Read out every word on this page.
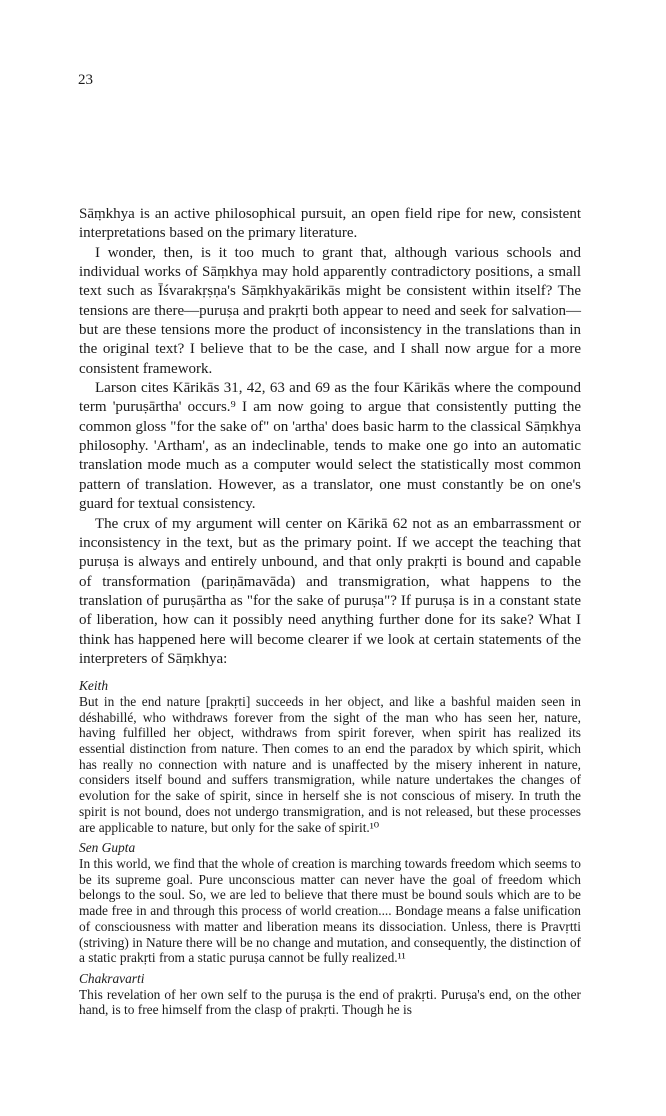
23

Sāṃkhya is an active philosophical pursuit, an open field ripe for new, consistent interpretations based on the primary literature.

I wonder, then, is it too much to grant that, although various schools and individual works of Sāṃkhya may hold apparently contradictory positions, a small text such as Īśvarakṛṣṇa's Sāṃkhyakārikās might be consistent within itself? The tensions are there—puruṣa and prakṛti both appear to need and seek for salvation—but are these tensions more the product of inconsistency in the translations than in the original text? I believe that to be the case, and I shall now argue for a more consistent framework.

Larson cites Kārikās 31, 42, 63 and 69 as the four Kārikās where the compound term 'puruṣārtha' occurs.⁹ I am now going to argue that consistently putting the common gloss "for the sake of" on 'artha' does basic harm to the classical Sāṃkhya philosophy. 'Artham', as an indeclinable, tends to make one go into an automatic translation mode much as a computer would select the statistically most common pattern of translation. However, as a translator, one must constantly be on one's guard for textual consistency.

The crux of my argument will center on Kārikā 62 not as an embarrassment or inconsistency in the text, but as the primary point. If we accept the teaching that puruṣa is always and entirely unbound, and that only prakṛti is bound and capable of transformation (pariṇāmavāda) and transmigration, what happens to the translation of puruṣārtha as "for the sake of puruṣa"? If puruṣa is in a constant state of liberation, how can it possibly need anything further done for its sake? What I think has happened here will become clearer if we look at certain statements of the interpreters of Sāṃkhya:

Keith

But in the end nature [prakṛti] succeeds in her object, and like a bashful maiden seen in déshabillé, who withdraws forever from the sight of the man who has seen her, nature, having fulfilled her object, withdraws from spirit forever, when spirit has realized its essential distinction from nature. Then comes to an end the paradox by which spirit, which has really no connection with nature and is unaffected by the misery inherent in nature, considers itself bound and suffers transmigration, while nature undertakes the changes of evolution for the sake of spirit, since in herself she is not conscious of misery. In truth the spirit is not bound, does not undergo transmigration, and is not released, but these processes are applicable to nature, but only for the sake of spirit.¹⁰

Sen Gupta

In this world, we find that the whole of creation is marching towards freedom which seems to be its supreme goal. Pure unconscious matter can never have the goal of freedom which belongs to the soul. So, we are led to believe that there must be bound souls which are to be made free in and through this process of world creation.... Bondage means a false unification of consciousness with matter and liberation means its dissociation. Unless, there is Pravṛtti (striving) in Nature there will be no change and mutation, and consequently, the distinction of a static prakṛti from a static puruṣa cannot be fully realized.¹¹

Chakravarti

This revelation of her own self to the puruṣa is the end of prakṛti. Puruṣa's end, on the other hand, is to free himself from the clasp of prakṛti. Though he is
